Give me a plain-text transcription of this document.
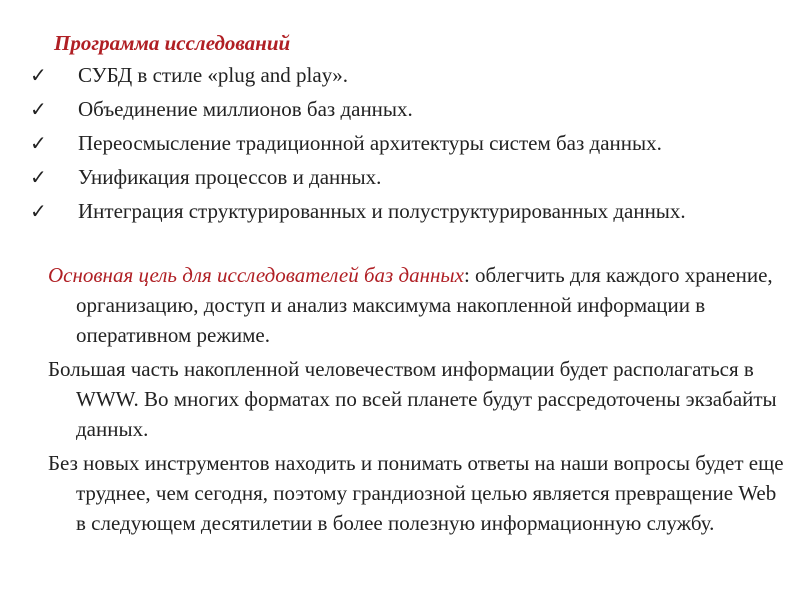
Программа исследований
✓ СУБД в стиле «plug and play».
✓ Объединение миллионов баз данных.
✓ Переосмысление традиционной архитектуры систем баз данных.
✓ Унификация процессов и данных.
✓ Интеграция структурированных и полуструктурированных данных.

Основная цель для исследователей баз данных: облегчить для каждого хранение, организацию, доступ и анализ максимума накопленной информации в оперативном режиме.

Большая часть накопленной человечеством информации будет располагаться в WWW. Во многих форматах по всей планете будут рассредоточены экзабайты данных.

Без новых инструментов находить и понимать ответы на наши вопросы будет еще труднее, чем сегодня, поэтому грандиозной целью является превращение Web в следующем десятилетии в более полезную информационную службу.
